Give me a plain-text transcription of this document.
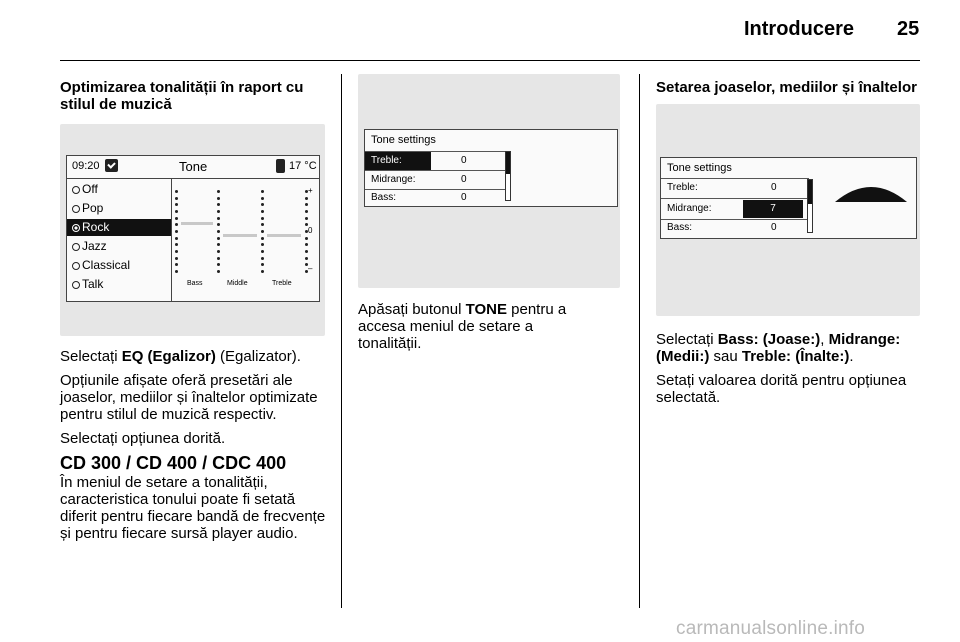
Introducere 25
Optimizarea tonalității în raport cu stilul de muzică
09:20	Tone	17 °C
Off
Pop
Rock
Jazz
Classical
Talk
+
0
–
Bass	Middle	Treble

Selectați EQ (Egalizor) (Egalizator).

Opțiunile afișate oferă presetări ale joaselor, mediilor și înaltelor optimizate pentru stilul de muzică respectiv.

Selectați opțiunea dorită.

CD 300 / CD 400 / CDC 400

În meniul de setare a tonalității, caracteristica tonului poate fi setată diferit pentru fiecare bandă de frecvențe și pentru fiecare sursă player audio.

Tone settings
Treble:	0
Midrange:	0
Bass:	0

Apăsați butonul TONE pentru a accesa meniul de setare a tonalității.

Setarea joaselor, mediilor și înaltelor
Tone settings
Treble:	0
Midrange:	7
Bass:	0

Selectați Bass: (Joase:), Midrange: (Medii:) sau Treble: (Înalte:).

Setați valoarea dorită pentru opțiunea selectată.

carmanualsonline.info
